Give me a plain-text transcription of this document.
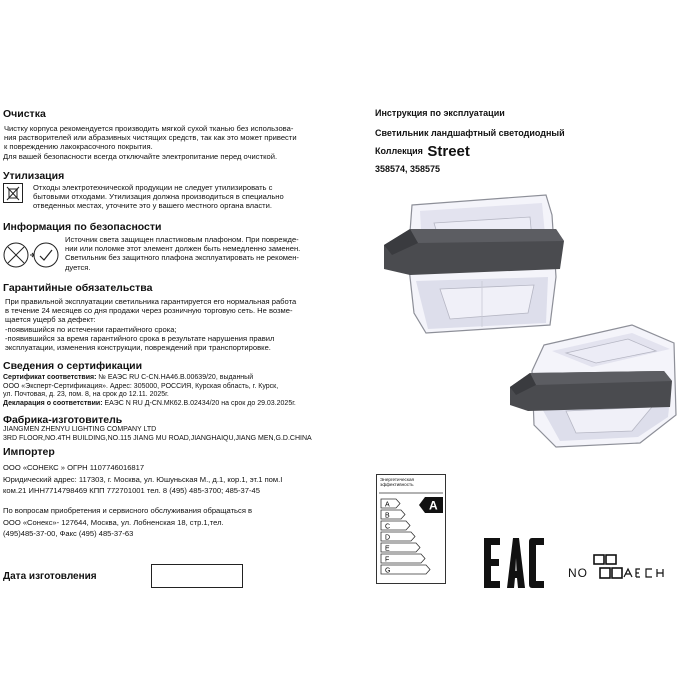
Очистка
Чистку корпуса рекомендуется производить мягкой сухой тканью без использова-
ния растворителей или абразивных чистящих средств, так как это может привести
к повреждению лакокрасочного покрытия.
Для вашей безопасности всегда отключайте электропитание перед очисткой.
Утилизация
Отходы электротехнической продукции не следует утилизировать с
бытовыми отходами. Утилизация должна производиться в специально
отведенных местах, уточните это у вашего местного органа власти.
Информация по безопасности
Источник света защищен пластиковым плафоном. При поврежде-
нии или поломке этот элемент должен быть немедленно заменен.
Светильник без защитного плафона эксплуатировать не рекомен-
дуется.
Гарантийные обязательства
При правильной эксплуатации светильника гарантируется его нормальная работа
в течение 24 месяцев со дня продажи через розничную торговую сеть. Не возме-
щается ущерб за дефект:
-появившийся по истечении гарантийного срока;
-появившийся за время гарантийного срока в результате нарушения правил
эксплуатации, изменения конструкции, повреждений при транспортировке.
Сведения о сертификации
Сертификат соответствия: № ЕАЭС RU C-CN.HA46.B.00639/20, выданный
ООО «Эксперт-Сертификация». Адрес: 305000, РОССИЯ, Курская область, г. Курск,
ул. Почтовая, д. 23, пом. 8, на срок до 12.11. 2025г.
Декларация о соответствии: ЕАЭС N RU Д-CN.МК62.В.02434/20 на срок до 29.03.2025г.
Фабрика-изготовитель
JIANGMEN ZHENYU LIGHTING COMPANY LTD
3RD FLOOR,NO.4TH BUILDING,NO.115 JIANG MU ROAD,JIANGHAIQU,JIANG MEN,G.D.CHINA
Импортер
ООО «СОНЕКС » ОГРН 1107746016817
Юридический адрес: 117303, г. Москва, ул. Юшуньская М., д.1, кор.1, эт.1 пом.I
ком.21 ИНН7714798469 КПП 772701001 тел. 8 (495) 485-3700; 485-37-45
По вопросам приобретения и сервисного обслуживания обращаться в
ООО «Сонекс»- 127644, Москва, ул. Лобненская 18, стр.1,тел.
(495)485-37-00, Факс (495) 485-37-63
Дата изготовления
Инструкция по эксплуатации
Светильник ландшафтный светодиодный
Коллекция Street
358574, 358575
Энергетическая
эффективность
A
B
C
D
E
F
G
A
NO
